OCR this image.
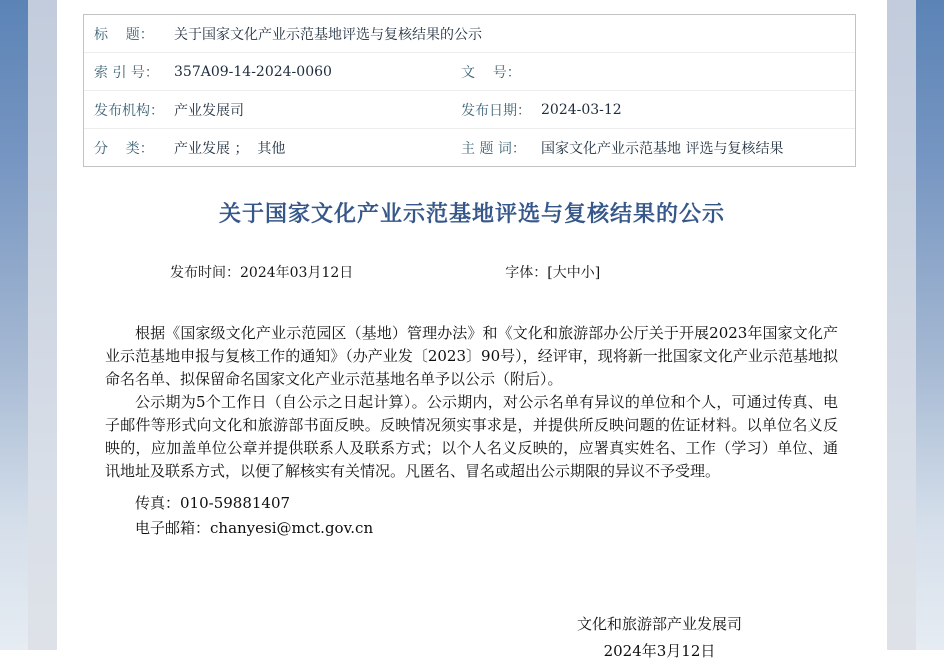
标    题：	关于国家文化产业示范基地评选与复核结果的公示
索 引 号：	357A09-14-2024-0060	文    号：
发布机构： 产业发展司	发布日期： 2024-03-12
分    类：	产业发展 ；  其他	主 题 词：	国家文化产业示范基地 评选与复核结果
关于国家文化产业示范基地评选与复核结果的公示
发布时间：2024年03月12日	字体：[大中小]

根据《国家级文化产业示范园区（基地）管理办法》和《文化和旅游部办公厅关于开展2023年国家文化产业示范基地申报与复核工作的通知》（办产业发〔2023〕90号），经评审，现将新一批国家文化产业示范基地拟命名名单、拟保留命名国家文化产业示范基地名单予以公示（附后）。

公示期为5个工作日（自公示之日起计算）。公示期内，对公示名单有异议的单位和个人，可通过传真、电子邮件等形式向文化和旅游部书面反映。反映情况须实事求是，并提供所反映问题的佐证材料。以单位名义反映的，应加盖单位公章并提供联系人及联系方式；以个人名义反映的，应署真实姓名、工作（学习）单位、通讯地址及联系方式，以便了解核实有关情况。凡匿名、冒名或超出公示期限的异议不予受理。

传真：010-59881407

电子邮箱：chanyesi@mct.gov.cn

文化和旅游部产业发展司
2024年3月12日
